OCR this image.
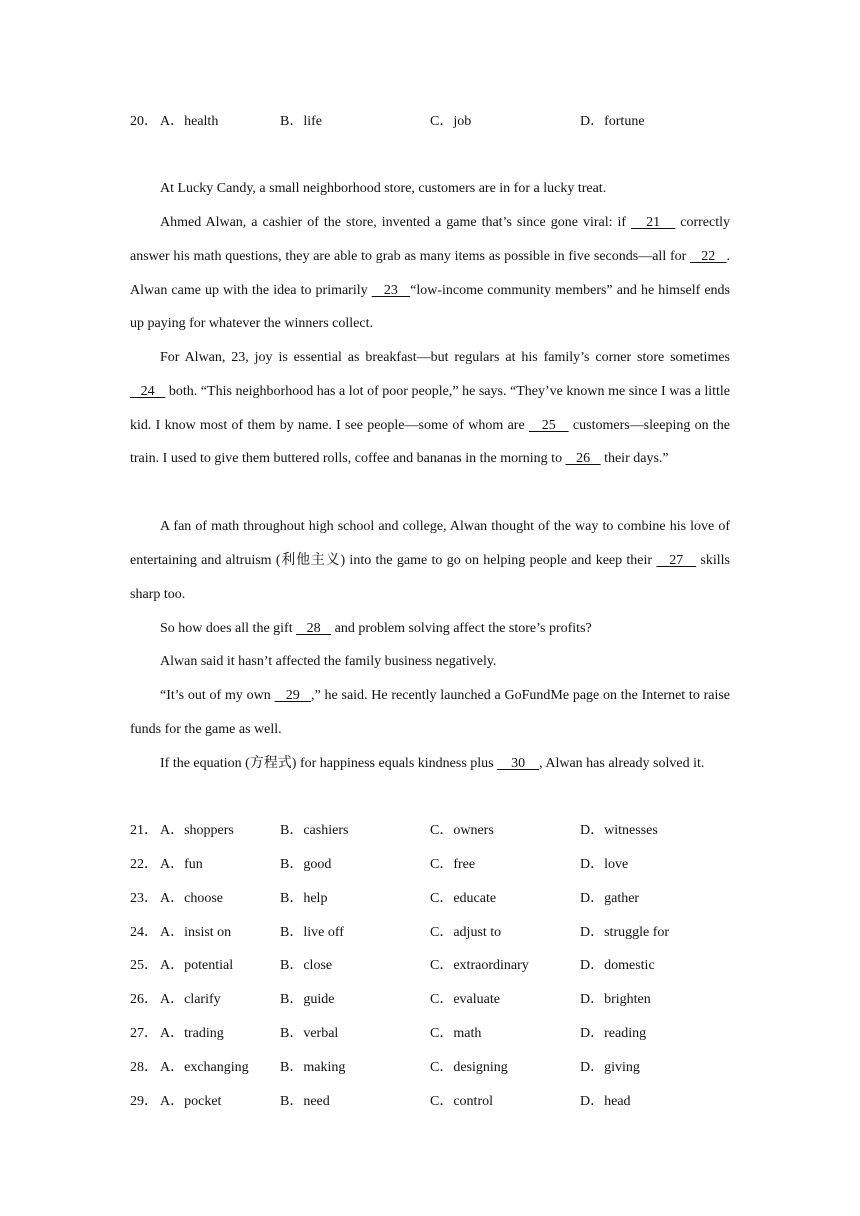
20． A．health	B．life	C．job	D．fortune

At Lucky Candy, a small neighborhood store, customers are in for a lucky treat.

Ahmed Alwan, a cashier of the store, invented a game that’s since gone viral: if    21    correctly answer his math questions, they are able to grab as many items as possible in five seconds—all for    22   . Alwan came up with the idea to primarily    23   “low-income community members” and he himself ends up paying for whatever the winners collect.

For Alwan, 23, joy is essential as breakfast—but regulars at his family’s corner store sometimes    24    both. “This neighborhood has a lot of poor people,” he says. “They’ve known me since I was a little kid. I know most of them by name. I see people—some of whom are    25    customers—sleeping on the train. I used to give them buttered rolls, coffee and bananas in the morning to    26    their days.”

A fan of math throughout high school and college, Alwan thought of the way to combine his love of entertaining and altruism (利他主义) into the game to go on helping people and keep their    27    skills sharp too.

So how does all the gift    28    and problem solving affect the store’s profits?

Alwan said it hasn’t affected the family business negatively.

“It’s out of my own    29   ,” he said. He recently launched a GoFundMe page on the Internet to raise funds for the game as well.

If the equation (方程式) for happiness equals kindness plus     30    , Alwan has already solved it.

21． A．shoppers	B．cashiers	C．owners	D．witnesses
22． A．fun	B．good	C．free	D．love
23． A．choose	B．help	C．educate	D．gather
24． A．insist on	B．live off	C．adjust to	D．struggle for
25． A．potential	B．close	C．extraordinary	D．domestic
26． A．clarify	B．guide	C．evaluate	D．brighten
27． A．trading	B．verbal	C．math	D．reading
28． A．exchanging B．making	C．designing	D．giving
29． A．pocket	B．need	C．control	D．head
